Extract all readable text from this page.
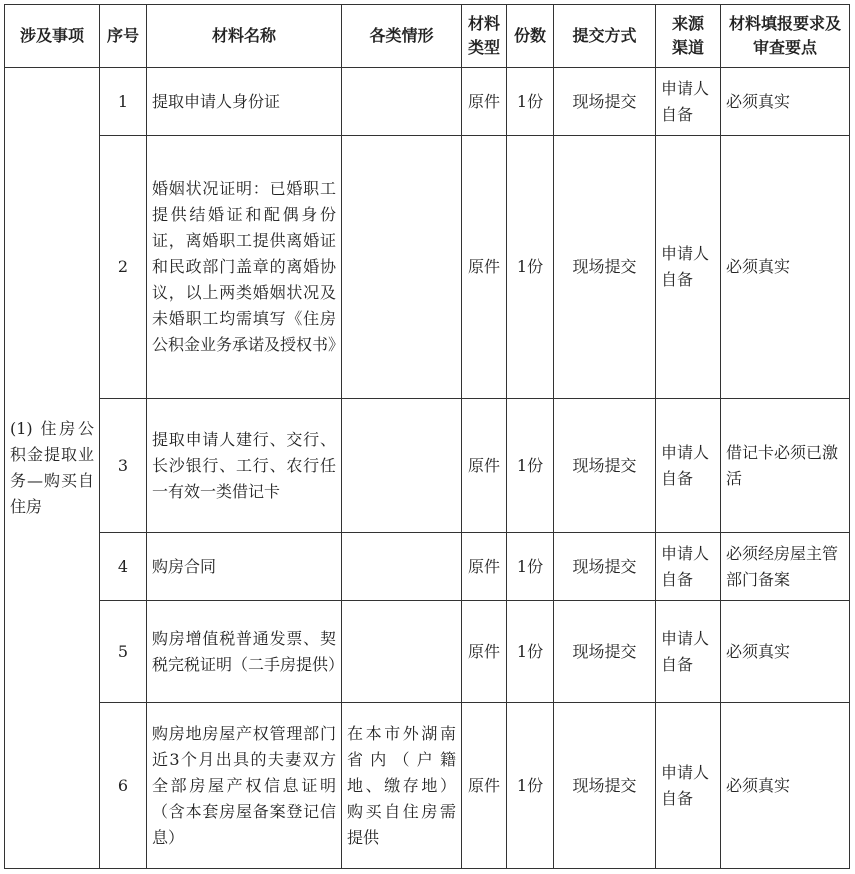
涉及事项	序号	材料名称	各类情形	材料类型	份数	提交方式	来源渠道	材料填报要求及审查要点
(1) 住房公积金提取业务—购买自住房	1	提取申请人身份证		原件	1份	现场提交	申请人自备	必须真实
	2	婚姻状况证明：已婚职工提供结婚证和配偶身份证，离婚职工提供离婚证和民政部门盖章的离婚协议，以上两类婚姻状况及未婚职工均需填写《住房公积金业务承诺及授权书》		原件	1份	现场提交	申请人自备	必须真实
	3	提取申请人建行、交行、长沙银行、工行、农行任一有效一类借记卡		原件	1份	现场提交	申请人自备	借记卡必须已激活
	4	购房合同		原件	1份	现场提交	申请人自备	必须经房屋主管部门备案
	5	购房增值税普通发票、契税完税证明（二手房提供）		原件	1份	现场提交	申请人自备	必须真实
	6	购房地房屋产权管理部门近3个月出具的夫妻双方全部房屋产权信息证明（含本套房屋备案登记信息）	在本市外湖南省内（户籍地、缴存地）购买自住房需提供	原件	1份	现场提交	申请人自备	必须真实
